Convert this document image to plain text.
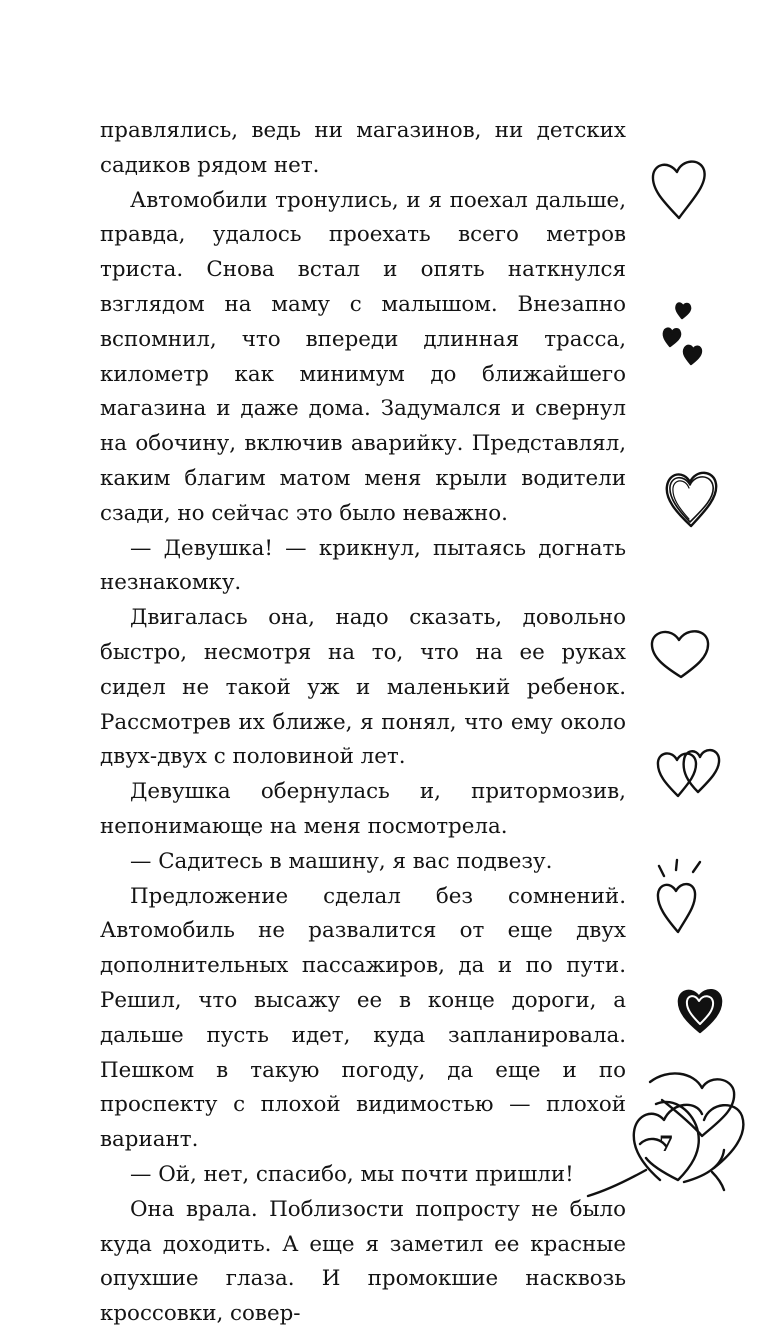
правлялись, ведь ни магазинов, ни детских садиков рядом нет.

Автомобили тронулись, и я поехал дальше, правда, удалось проехать всего метров триста. Снова встал и опять наткнулся взглядом на маму с малышом. Внезапно вспомнил, что впереди длинная трасса, километр как минимум до ближайшего магазина и даже дома. Задумался и свернул на обочину, включив аварийку. Представлял, каким благим матом меня крыли водители сзади, но сейчас это было неважно.

— Девушка! — крикнул, пытаясь догнать незнакомку.

Двигалась она, надо сказать, довольно быстро, несмотря на то, что на ее руках сидел не такой уж и маленький ребенок. Рассмотрев их ближе, я понял, что ему около двух-двух с половиной лет.

Девушка обернулась и, притормозив, непонимающе на меня посмотрела.

— Садитесь в машину, я вас подвезу.

Предложение сделал без сомнений. Автомобиль не развалится от еще двух дополнительных пассажиров, да и по пути. Решил, что высажу ее в конце дороги, а дальше пусть идет, куда запланировала. Пешком в такую погоду, да еще и по проспекту с плохой видимостью — плохой вариант.

— Ой, нет, спасибо, мы почти пришли!

Она врала. Поблизости попросту не было куда доходить. А еще я заметил ее красные опухшие глаза. И промокшие насквозь кроссовки, совер-

7
